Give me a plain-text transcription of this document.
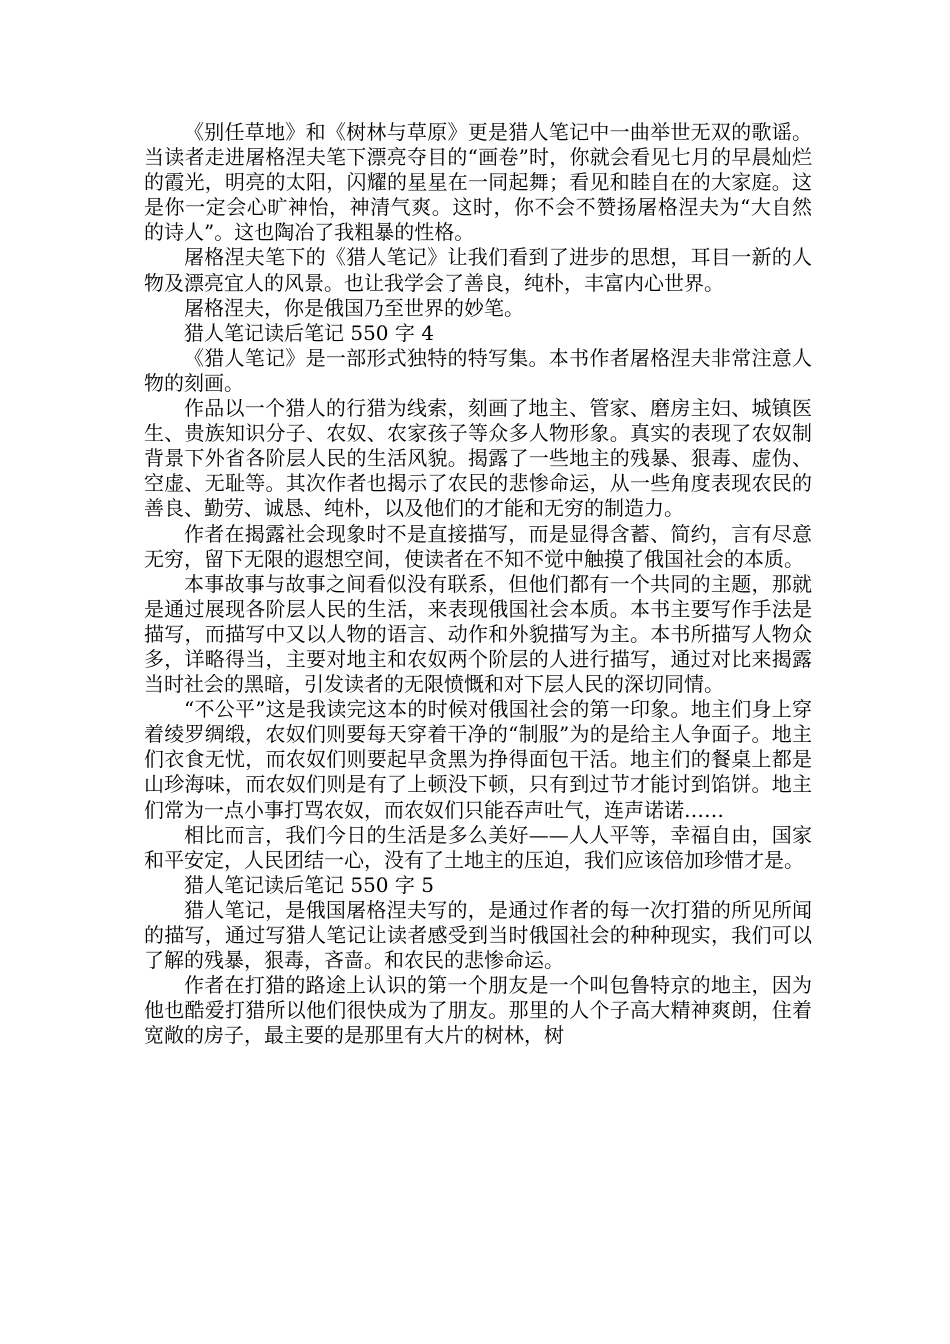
《别任草地》和《树林与草原》更是猎人笔记中一曲举世无双的歌谣。当读者走进屠格涅夫笔下漂亮夺目的“画卷”时，你就会看见七月的早晨灿烂的霞光，明亮的太阳，闪耀的星星在一同起舞；看见和睦自在的大家庭。这是你一定会心旷神怡，神清气爽。这时，你不会不赞扬屠格涅夫为“大自然的诗人”。这也陶冶了我粗暴的性格。

屠格涅夫笔下的《猎人笔记》让我们看到了进步的思想，耳目一新的人物及漂亮宜人的风景。也让我学会了善良，纯朴，丰富内心世界。

屠格涅夫，你是俄国乃至世界的妙笔。

猎人笔记读后笔记 550 字 4

《猎人笔记》是一部形式独特的特写集。本书作者屠格涅夫非常注意人物的刻画。

作品以一个猎人的行猎为线索，刻画了地主、管家、磨房主妇、城镇医生、贵族知识分子、农奴、农家孩子等众多人物形象。真实的表现了农奴制背景下外省各阶层人民的生活风貌。揭露了一些地主的残暴、狠毒、虚伪、空虚、无耻等。其次作者也揭示了农民的悲惨命运，从一些角度表现农民的善良、勤劳、诚恳、纯朴，以及他们的才能和无穷的制造力。

作者在揭露社会现象时不是直接描写，而是显得含蓄、简约，言有尽意无穷，留下无限的遐想空间，使读者在不知不觉中触摸了俄国社会的本质。

本事故事与故事之间看似没有联系，但他们都有一个共同的主题，那就是通过展现各阶层人民的生活，来表现俄国社会本质。本书主要写作手法是描写，而描写中又以人物的语言、动作和外貌描写为主。本书所描写人物众多，详略得当，主要对地主和农奴两个阶层的人进行描写，通过对比来揭露当时社会的黑暗，引发读者的无限愤慨和对下层人民的深切同情。

“不公平”这是我读完这本的时候对俄国社会的第一印象。地主们身上穿着绫罗绸缎，农奴们则要每天穿着干净的“制服”为的是给主人争面子。地主们衣食无忧，而农奴们则要起早贪黑为挣得面包干活。地主们的餐桌上都是山珍海味，而农奴们则是有了上顿没下顿，只有到过节才能讨到馅饼。地主们常为一点小事打骂农奴，而农奴们只能吞声吐气，连声诺诺……

相比而言，我们今日的生活是多么美好——人人平等，幸福自由，国家和平安定，人民团结一心，没有了土地主的压迫，我们应该倍加珍惜才是。

猎人笔记读后笔记 550 字 5

猎人笔记，是俄国屠格涅夫写的，是通过作者的每一次打猎的所见所闻的描写，通过写猎人笔记让读者感受到当时俄国社会的种种现实，我们可以了解的残暴，狠毒，吝啬。和农民的悲惨命运。

作者在打猎的路途上认识的第一个朋友是一个叫包鲁特京的地主，因为他也酷爱打猎所以他们很快成为了朋友。那里的人个子高大精神爽朗，住着宽敞的房子，最主要的是那里有大片的树林，树
